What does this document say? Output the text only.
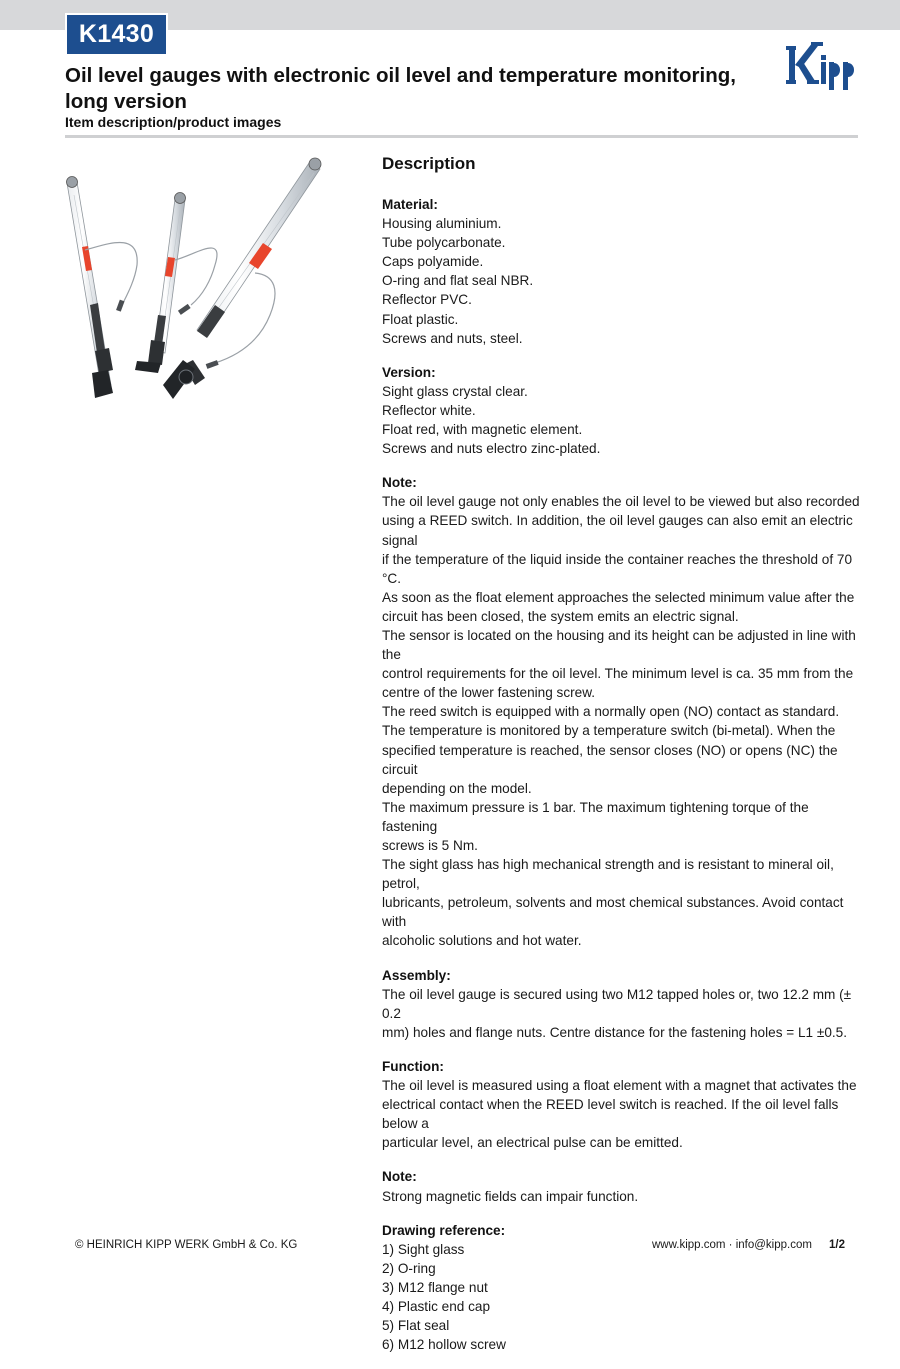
K1430
Oil level gauges with electronic oil level and temperature monitoring, long version
Item description/product images
Description
Material:
Housing aluminium.
Tube polycarbonate.
Caps polyamide.
O-ring and flat seal NBR.
Reflector PVC.
Float plastic.
Screws and nuts, steel.
Version:
Sight glass crystal clear.
Reflector white.
Float red, with magnetic element.
Screws and nuts electro zinc-plated.
Note:
The oil level gauge not only enables the oil level to be viewed but also recorded
using a REED switch. In addition, the oil level gauges can also emit an electric signal
if the temperature of the liquid inside the container reaches the threshold of 70 °C.
As soon as the float element approaches the selected minimum value after the
circuit has been closed, the system emits an electric signal.
The sensor is located on the housing and its height can be adjusted in line with the
control requirements for the oil level. The minimum level is ca. 35 mm from the
centre of the lower fastening screw.
The reed switch is equipped with a normally open (NO) contact as standard.
The temperature is monitored by a temperature switch (bi-metal). When the
specified temperature is reached, the sensor closes (NO) or opens (NC) the circuit
depending on the model.
The maximum pressure is 1 bar. The maximum tightening torque of the fastening
screws is 5 Nm.
The sight glass has high mechanical strength and is resistant to mineral oil, petrol,
lubricants, petroleum, solvents and most chemical substances. Avoid contact with
alcoholic solutions and hot water.
Assembly:
The oil level gauge is secured using two M12 tapped holes or, two 12.2 mm (± 0.2
mm) holes and flange nuts. Centre distance for the fastening holes = L1 ±0.5.
Function:
The oil level is measured using a float element with a magnet that activates the
electrical contact when the REED level switch is reached. If the oil level falls below a
particular level, an electrical pulse can be emitted.
Note:
Strong magnetic fields can impair function.
Drawing reference:
1) Sight glass
2) O-ring
3) M12 flange nut
4) Plastic end cap
5) Flat seal
6) M12 hollow screw
© HEINRICH KIPP WERK GmbH & Co. KG	www.kipp.com · info@kipp.com 1/2
